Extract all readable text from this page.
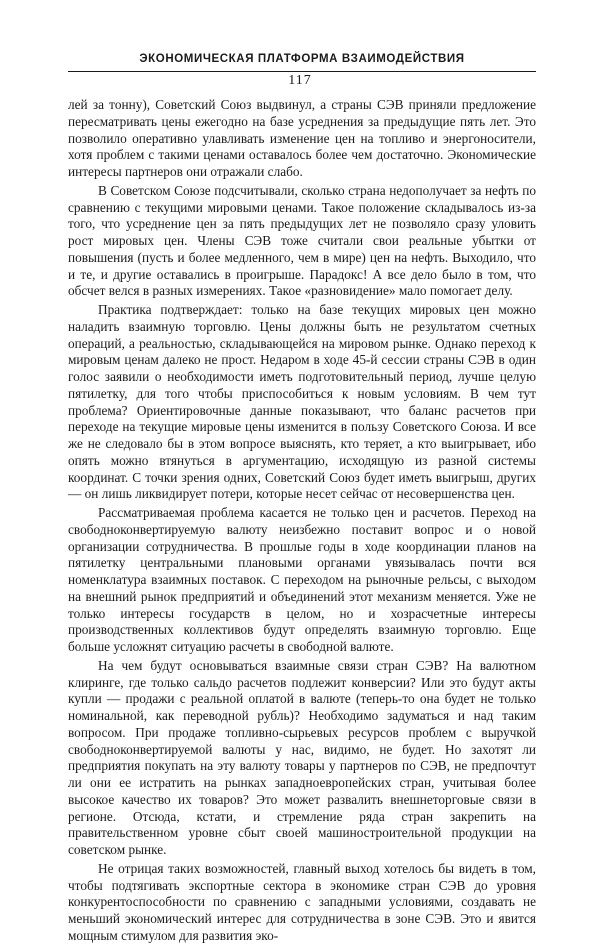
ЭКОНОМИЧЕСКАЯ ПЛАТФОРМА ВЗАИМОДЕЙСТВИЯ
117

лей за тонну), Советский Союз выдвинул, а страны СЭВ приняли предложение пересматривать цены ежегодно на базе усреднения за предыдущие пять лет. Это позволило оперативно улавливать изменение цен на топливо и энергоносители, хотя проблем с такими ценами оставалось более чем достаточно. Экономические интересы партнеров они отражали слабо.

В Советском Союзе подсчитывали, сколько страна недополучает за нефть по сравнению с текущими мировыми ценами. Такое положение складывалось из-за того, что усреднение цен за пять предыдущих лет не позволяло сразу уловить рост мировых цен. Члены СЭВ тоже считали свои реальные убытки от повышения (пусть и более медленного, чем в мире) цен на нефть. Выходило, что и те, и другие оставались в проигрыше. Парадокс! А все дело было в том, что обсчет велся в разных измерениях. Такое «разновидение» мало помогает делу.

Практика подтверждает: только на базе текущих мировых цен можно наладить взаимную торговлю. Цены должны быть не результатом счетных операций, а реальностью, складывающейся на мировом рынке. Однако переход к мировым ценам далеко не прост. Недаром в ходе 45-й сессии страны СЭВ в один голос заявили о необходимости иметь подготовительный период, лучше целую пятилетку, для того чтобы приспособиться к новым условиям. В чем тут проблема? Ориентировочные данные показывают, что баланс расчетов при переходе на текущие мировые цены изменится в пользу Советского Союза. И все же не следовало бы в этом вопросе выяснять, кто теряет, а кто выигрывает, ибо опять можно втянуться в аргументацию, исходящую из разной системы координат. С точки зрения одних, Советский Союз будет иметь выигрыш, других — он лишь ликвидирует потери, которые несет сейчас от несовершенства цен.

Рассматриваемая проблема касается не только цен и расчетов. Переход на свободноконвертируемую валюту неизбежно поставит вопрос и о новой организации сотрудничества. В прошлые годы в ходе координации планов на пятилетку центральными плановыми органами увязывалась почти вся номенклатура взаимных поставок. С переходом на рыночные рельсы, с выходом на внешний рынок предприятий и объединений этот механизм меняется. Уже не только интересы государств в целом, но и хозрасчетные интересы производственных коллективов будут определять взаимную торговлю. Еще больше усложнят ситуацию расчеты в свободной валюте.

На чем будут основываться взаимные связи стран СЭВ? На валютном клиринге, где только сальдо расчетов подлежит конверсии? Или это будут акты купли — продажи с реальной оплатой в валюте (теперь-то она будет не только номинальной, как переводной рубль)? Необходимо задуматься и над таким вопросом. При продаже топливно-сырьевых ресурсов проблем с выручкой свободноконвертируемой валюты у нас, видимо, не будет. Но захотят ли предприятия покупать на эту валюту товары у партнеров по СЭВ, не предпочтут ли они ее истратить на рынках западноевропейских стран, учитывая более высокое качество их товаров? Это может развалить внешнеторговые связи в регионе. Отсюда, кстати, и стремление ряда стран закрепить на правительственном уровне сбыт своей машиностроительной продукции на советском рынке.

Не отрицая таких возможностей, главный выход хотелось бы видеть в том, чтобы подтягивать экспортные сектора в экономике стран СЭВ до уровня конкурентоспособности по сравнению с западными условиями, создавать не меньший экономический интерес для сотрудничества в зоне СЭВ. Это и явится мощным стимулом для развития эко-
